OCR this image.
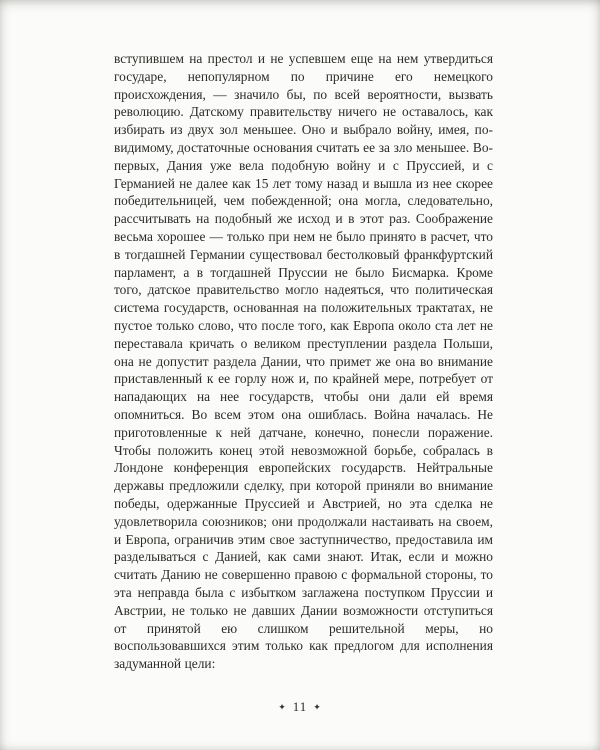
вступившем на престол и не успевшем еще на нем утвердиться государе, непопулярном по причине его немецкого происхождения, — значило бы, по всей вероятности, вызвать революцию. Датскому правительству ничего не оставалось, как избирать из двух зол меньшее. Оно и выбрало войну, имея, по-видимому, достаточные основания считать ее за зло меньшее. Во-первых, Дания уже вела подобную войну и с Пруссией, и с Германией не далее как 15 лет тому назад и вышла из нее скорее победительницей, чем побежденной; она могла, следовательно, рассчитывать на подобный же исход и в этот раз. Соображение весьма хорошее — только при нем не было принято в расчет, что в тогдашней Германии существовал бестолковый франкфуртский парламент, а в тогдашней Пруссии не было Бисмарка. Кроме того, датское правительство могло надеяться, что политическая система государств, основанная на положительных трактатах, не пустое только слово, что после того, как Европа около ста лет не переставала кричать о великом преступлении раздела Польши, она не допустит раздела Дании, что примет же она во внимание приставленный к ее горлу нож и, по крайней мере, потребует от нападающих на нее государств, чтобы они дали ей время опомниться. Во всем этом она ошиблась. Война началась. Не приготовленные к ней датчане, конечно, понесли поражение. Чтобы положить конец этой невозможной борьбе, собралась в Лондоне конференция европейских государств. Нейтральные державы предложили сделку, при которой приняли во внимание победы, одержанные Пруссией и Австрией, но эта сделка не удовлетворила союзников; они продолжали настаивать на своем, и Европа, ограничив этим свое заступничество, предоставила им разделываться с Данией, как сами знают. Итак, если и можно считать Данию не совершенно правою с формальной стороны, то эта неправда была с избытком заглажена поступком Пруссии и Австрии, не только не давших Дании возможности отступиться от принятой ею слишком решительной меры, но воспользовавшихся этим только как предлогом для исполнения задуманной цели:
✦ 11 ✦
